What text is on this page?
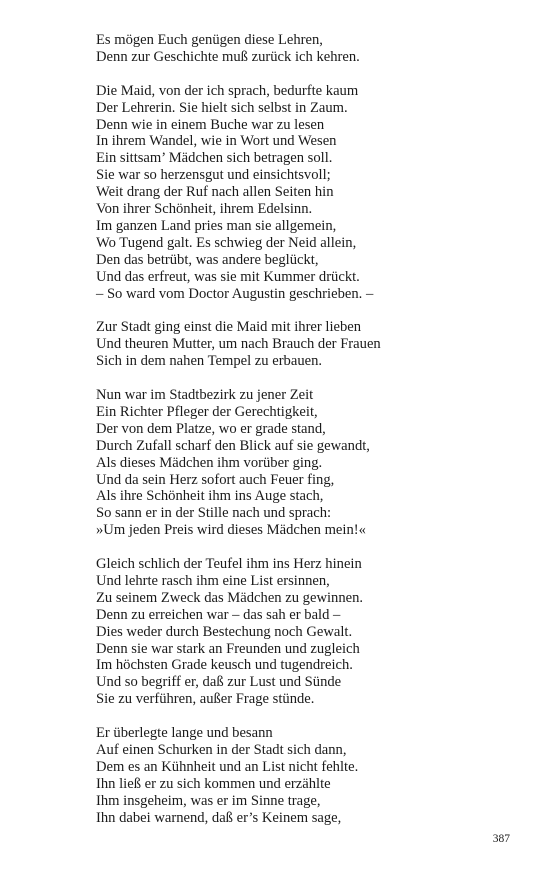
Es mögen Euch genügen diese Lehren,
Denn zur Geschichte muß zurück ich kehren.
Die Maid, von der ich sprach, bedurfte kaum
Der Lehrerin. Sie hielt sich selbst in Zaum.
Denn wie in einem Buche war zu lesen
In ihrem Wandel, wie in Wort und Wesen
Ein sittsam’ Mädchen sich betragen soll.
Sie war so herzensgut und einsichtsvoll;
Weit drang der Ruf nach allen Seiten hin
Von ihrer Schönheit, ihrem Edelsinn.
Im ganzen Land pries man sie allgemein,
Wo Tugend galt. Es schwieg der Neid allein,
Den das betrübt, was andere beglückt,
Und das erfreut, was sie mit Kummer drückt.
– So ward vom Doctor Augustin geschrieben. –
Zur Stadt ging einst die Maid mit ihrer lieben
Und theuren Mutter, um nach Brauch der Frauen
Sich in dem nahen Tempel zu erbauen.
Nun war im Stadtbezirk zu jener Zeit
Ein Richter Pfleger der Gerechtigkeit,
Der von dem Platze, wo er grade stand,
Durch Zufall scharf den Blick auf sie gewandt,
Als dieses Mädchen ihm vorüber ging.
Und da sein Herz sofort auch Feuer fing,
Als ihre Schönheit ihm ins Auge stach,
So sann er in der Stille nach und sprach:
»Um jeden Preis wird dieses Mädchen mein!«
Gleich schlich der Teufel ihm ins Herz hinein
Und lehrte rasch ihm eine List ersinnen,
Zu seinem Zweck das Mädchen zu gewinnen.
Denn zu erreichen war – das sah er bald –
Dies weder durch Bestechung noch Gewalt.
Denn sie war stark an Freunden und zugleich
Im höchsten Grade keusch und tugendreich.
Und so begriff er, daß zur Lust und Sünde
Sie zu verführen, außer Frage stünde.
Er überlegte lange und besann
Auf einen Schurken in der Stadt sich dann,
Dem es an Kühnheit und an List nicht fehlte.
Ihn ließ er zu sich kommen und erzählte
Ihm insgeheim, was er im Sinne trage,
Ihn dabei warnend, daß er’s Keinem sage,
387
